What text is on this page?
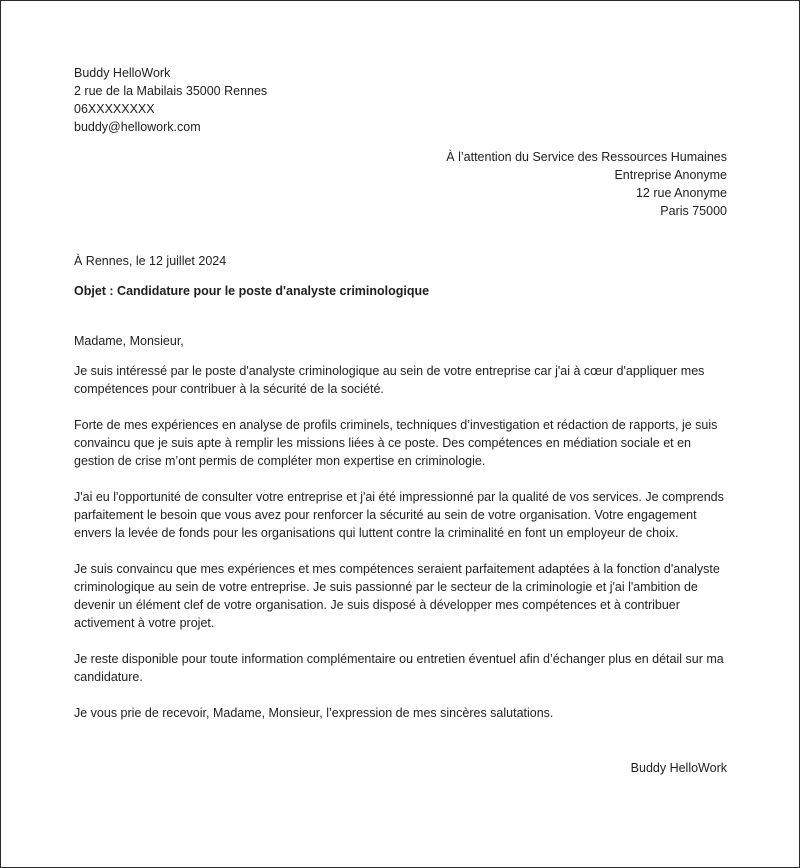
Buddy HelloWork

2 rue de la Mabilais 35000 Rennes

06XXXXXXXX

buddy@hellowork.com

À l’attention du Service des Ressources Humaines

Entreprise Anonyme

12 rue Anonyme

Paris 75000

À Rennes, le 12 juillet 2024

Objet : Candidature pour le poste d'analyste criminologique

Madame, Monsieur,

Je suis intéressé par le poste d'analyste criminologique au sein de votre entreprise car j'ai à cœur d'appliquer mes compétences pour contribuer à la sécurité de la société.

Forte de mes expériences en analyse de profils criminels, techniques d’investigation et rédaction de rapports, je suis convaincu que je suis apte à remplir les missions liées à ce poste. Des compétences en médiation sociale et en gestion de crise m’ont permis de compléter mon expertise en criminologie.

J'ai eu l'opportunité de consulter votre entreprise et j'ai été impressionné par la qualité de vos services. Je comprends parfaitement le besoin que vous avez pour renforcer la sécurité au sein de votre organisation. Votre engagement envers la levée de fonds pour les organisations qui luttent contre la criminalité en font un employeur de choix.

Je suis convaincu que mes expériences et mes compétences seraient parfaitement adaptées à la fonction d'analyste criminologique au sein de votre entreprise. Je suis passionné par le secteur de la criminologie et j'ai l'ambition de devenir un élément clef de votre organisation. Je suis disposé à développer mes compétences et à contribuer activement à votre projet.

Je reste disponible pour toute information complémentaire ou entretien éventuel afin d’échanger plus en détail sur ma candidature.

Je vous prie de recevoir, Madame, Monsieur, l’expression de mes sincères salutations.

Buddy HelloWork
